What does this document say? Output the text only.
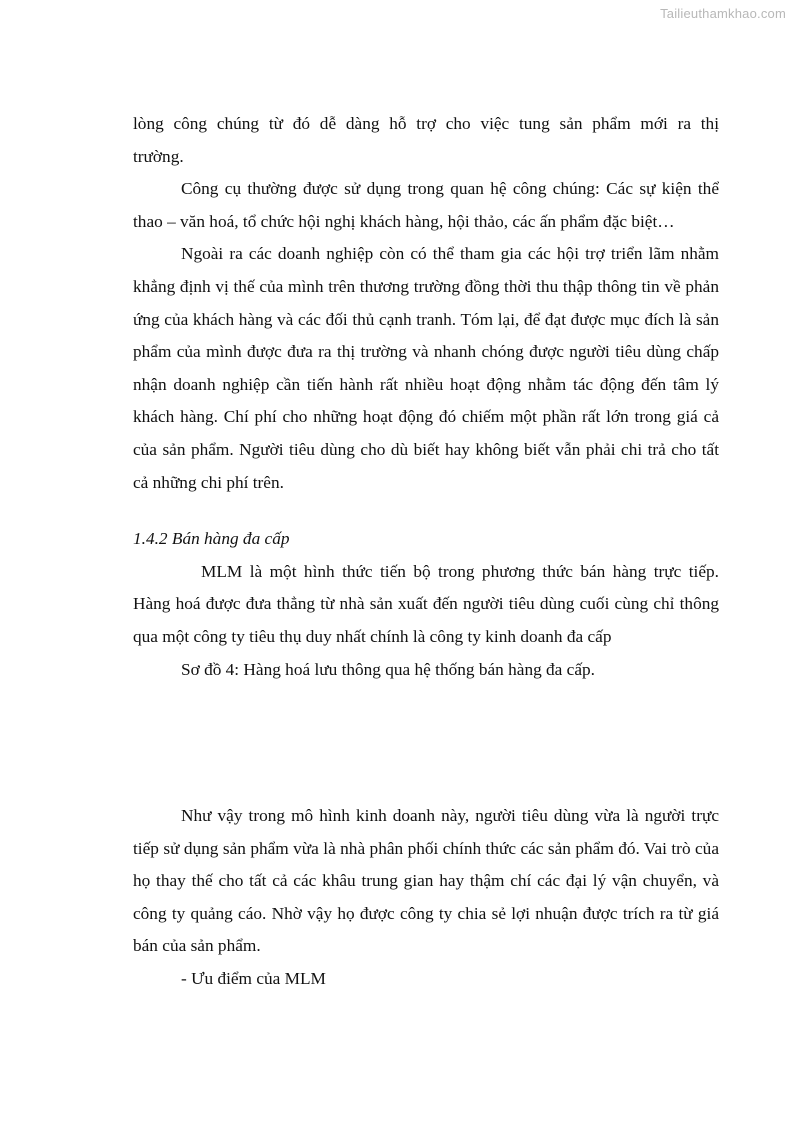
Tailieuthamkhao.com

lòng công chúng từ đó dễ dàng hỗ trợ cho việc tung sản phẩm mới ra thị
trường.

Công cụ thường được sử dụng trong quan hệ công chúng: Các sự kiện thể thao – văn hoá, tổ chức hội nghị khách hàng, hội thảo, các ấn phẩm đặc biệt…

Ngoài ra các doanh nghiệp còn có thể tham gia các hội trợ triển lãm nhằm khẳng định vị thế của mình trên thương trường đồng thời thu thập thông tin về phản ứng của khách hàng và các đối thủ cạnh tranh. Tóm lại, để đạt được mục đích là sản phẩm của mình được đưa ra thị trường và nhanh chóng được người tiêu dùng chấp nhận doanh nghiệp cần tiến hành rất nhiều hoạt động nhằm tác động đến tâm lý khách hàng. Chí phí cho những hoạt động đó chiếm một phần rất lớn trong giá cả của sản phẩm. Người tiêu dùng cho dù biết hay không biết vẫn phải chi trả cho tất cả những chi phí trên.

1.4.2 Bán hàng đa cấp

MLM là một hình thức tiến bộ trong phương thức bán hàng trực tiếp. Hàng hoá được đưa thẳng từ nhà sản xuất đến người tiêu dùng cuối cùng chỉ thông qua một công ty tiêu thụ duy nhất chính là công ty kinh doanh đa cấp

Sơ đồ 4: Hàng hoá lưu thông qua hệ thống bán hàng đa cấp.

Như vậy trong mô hình kinh doanh này, người tiêu dùng vừa là người trực tiếp sử dụng sản phẩm vừa là nhà phân phối chính thức các sản phẩm đó. Vai trò của họ thay thế cho tất cả các khâu trung gian hay thậm chí các đại lý vận chuyển, và công ty quảng cáo. Nhờ vậy họ được công ty chia sẻ lợi nhuận được trích ra từ giá bán của sản phẩm.

- Ưu điểm của MLM
